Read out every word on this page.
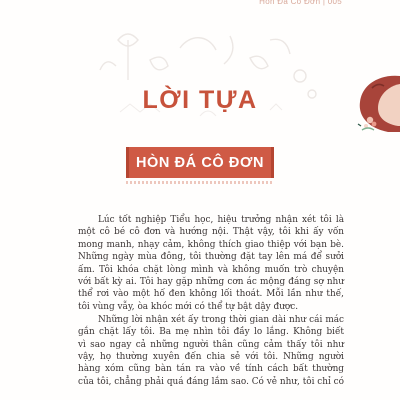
Hòn Đá Cô Đơn | 005
LỜI TỰA
HÒN ĐÁ CÔ ĐƠN

Lúc tốt nghiệp Tiểu học, hiệu trưởng nhận xét tôi là
một cô bé cô đơn và hướng nội. Thật vậy, tôi khi ấy vốn
mong manh, nhạy cảm, không thích giao thiệp với bạn bè.
Những ngày mùa đông, tôi thường đặt tay lên má để sưởi
ấm. Tôi khóa chặt lòng mình và không muốn trò chuyện
với bất kỳ ai. Tôi hay gặp những cơn ác mộng đáng sợ như
thể rơi vào một hố đen không lối thoát. Mỗi lần như thế,
tôi vùng vẫy, òa khóc mới có thể tự bật dậy được.

Những lời nhận xét ấy trong thời gian dài như cái mác
gắn chặt lấy tôi. Ba mẹ nhìn tôi đầy lo lắng. Không biết
vì sao ngay cả những người thân cũng cảm thấy tôi như
vậy, họ thường xuyên đến chia sẻ với tôi. Những người
hàng xóm cũng bàn tán ra vào về tính cách bất thường
của tôi, chẳng phải quá đáng lắm sao. Có vẻ như, tôi chỉ có
